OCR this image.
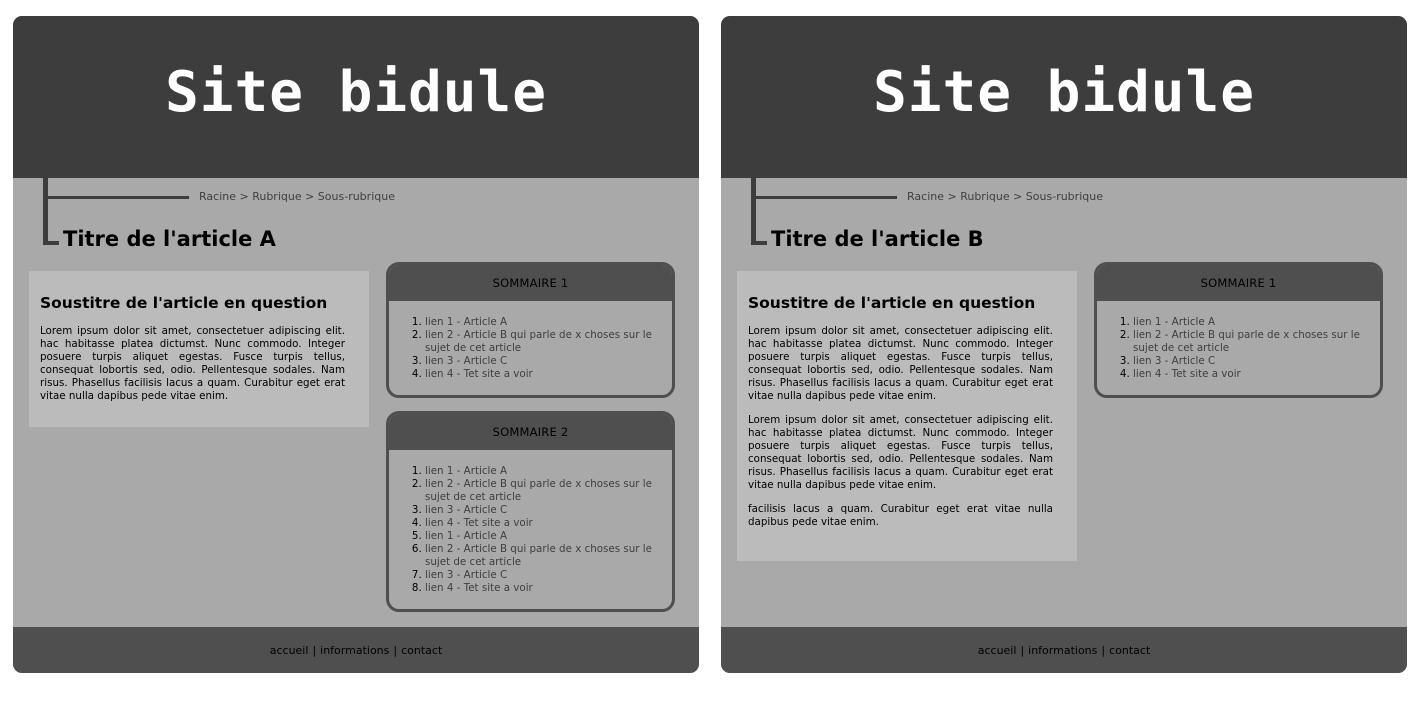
Site bidule
Racine > Rubrique > Sous-rubrique
Titre de l'article A
Soustitre de l'article en question

Lorem ipsum dolor sit amet, consectetuer adipiscing elit. hac habitasse platea dictumst. Nunc commodo. Integer posuere turpis aliquet egestas. Fusce turpis tellus, consequat lobortis sed, odio. Pellentesque sodales. Nam risus. Phasellus facilisis lacus a quam. Curabitur eget erat vitae nulla dapibus pede vitae enim.

SOMMAIRE 1
1. lien 1 - Article A
2. lien 2 - Article B qui parle de x choses sur le sujet de cet article
3. lien 3 - Article C
4. lien 4 - Tet site a voir
SOMMAIRE 2
1. lien 1 - Article A
2. lien 2 - Article B qui parle de x choses sur le sujet de cet article
3. lien 3 - Article C
4. lien 4 - Tet site a voir
5. lien 1 - Article A
6. lien 2 - Article B qui parle de x choses sur le sujet de cet article
7. lien 3 - Article C
8. lien 4 - Tet site a voir
accueil | informations | contact
Site bidule
Racine > Rubrique > Sous-rubrique
Titre de l'article B
Soustitre de l'article en question

Lorem ipsum dolor sit amet, consectetuer adipiscing elit. hac habitasse platea dictumst. Nunc commodo. Integer posuere turpis aliquet egestas. Fusce turpis tellus, consequat lobortis sed, odio. Pellentesque sodales. Nam risus. Phasellus facilisis lacus a quam. Curabitur eget erat vitae nulla dapibus pede vitae enim.

Lorem ipsum dolor sit amet, consectetuer adipiscing elit. hac habitasse platea dictumst. Nunc commodo. Integer posuere turpis aliquet egestas. Fusce turpis tellus, consequat lobortis sed, odio. Pellentesque sodales. Nam risus. Phasellus facilisis lacus a quam. Curabitur eget erat vitae nulla dapibus pede vitae enim.

facilisis lacus a quam. Curabitur eget erat vitae nulla dapibus pede vitae enim.

SOMMAIRE 1
1. lien 1 - Article A
2. lien 2 - Article B qui parle de x choses sur le sujet de cet article
3. lien 3 - Article C
4. lien 4 - Tet site a voir
accueil | informations | contact
